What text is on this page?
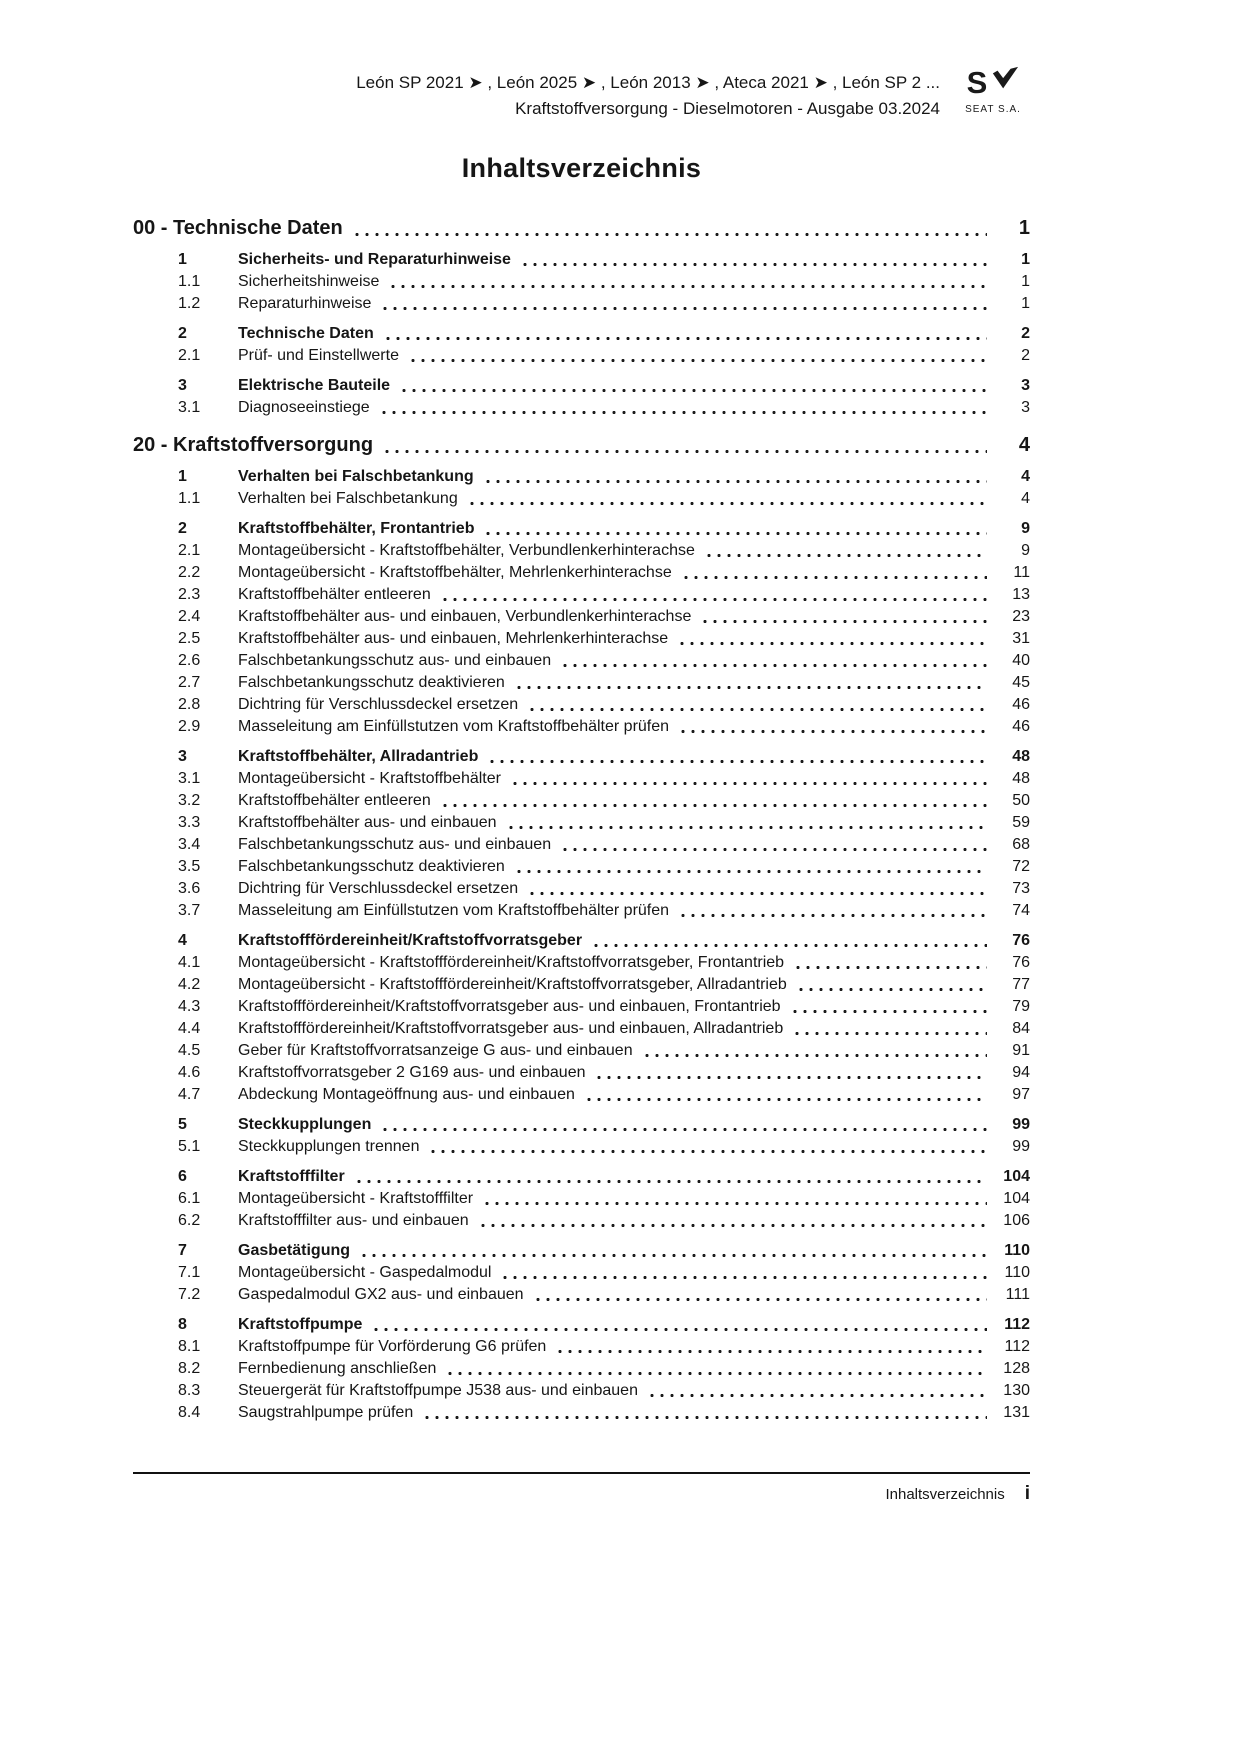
León SP 2021 ➤ , León 2025 ➤ , León 2013 ➤ , Ateca 2021 ➤ , León SP 2 ...
Kraftstoffversorgung - Dieselmotoren - Ausgabe 03.2024
S
SEAT S.A.
Inhaltsverzeichnis
00 - Technische Daten	1
1	Sicherheits- und Reparaturhinweise	1
1.1	Sicherheitshinweise	1
1.2	Reparaturhinweise	1
2	Technische Daten	2
2.1	Prüf- und Einstellwerte	2
3	Elektrische Bauteile	3
3.1	Diagnoseeinstiege	3
20 - Kraftstoffversorgung	4
1	Verhalten bei Falschbetankung	4
1.1	Verhalten bei Falschbetankung	4
2	Kraftstoffbehälter, Frontantrieb	9
2.1	Montageübersicht - Kraftstoffbehälter, Verbundlenkerhinterachse	9
2.2	Montageübersicht - Kraftstoffbehälter, Mehrlenkerhinterachse	11
2.3	Kraftstoffbehälter entleeren	13
2.4	Kraftstoffbehälter aus- und einbauen, Verbundlenkerhinterachse	23
2.5	Kraftstoffbehälter aus- und einbauen, Mehrlenkerhinterachse	31
2.6	Falschbetankungsschutz aus- und einbauen	40
2.7	Falschbetankungsschutz deaktivieren	45
2.8	Dichtring für Verschlussdeckel ersetzen	46
2.9	Masseleitung am Einfüllstutzen vom Kraftstoffbehälter prüfen	46
3	Kraftstoffbehälter, Allradantrieb	48
3.1	Montageübersicht - Kraftstoffbehälter	48
3.2	Kraftstoffbehälter entleeren	50
3.3	Kraftstoffbehälter aus- und einbauen	59
3.4	Falschbetankungsschutz aus- und einbauen	68
3.5	Falschbetankungsschutz deaktivieren	72
3.6	Dichtring für Verschlussdeckel ersetzen	73
3.7	Masseleitung am Einfüllstutzen vom Kraftstoffbehälter prüfen	74
4	Kraftstofffördereinheit/Kraftstoffvorratsgeber	76
4.1	Montageübersicht - Kraftstofffördereinheit/Kraftstoffvorratsgeber, Frontantrieb	76
4.2	Montageübersicht - Kraftstofffördereinheit/Kraftstoffvorratsgeber, Allradantrieb	77
4.3	Kraftstofffördereinheit/Kraftstoffvorratsgeber aus- und einbauen, Frontantrieb	79
4.4	Kraftstofffördereinheit/Kraftstoffvorratsgeber aus- und einbauen, Allradantrieb	84
4.5	Geber für Kraftstoffvorratsanzeige G aus- und einbauen	91
4.6	Kraftstoffvorratsgeber 2 G169 aus- und einbauen	94
4.7	Abdeckung Montageöffnung aus- und einbauen	97
5	Steckkupplungen	99
5.1	Steckkupplungen trennen	99
6	Kraftstofffilter	104
6.1	Montageübersicht - Kraftstofffilter	104
6.2	Kraftstofffilter aus- und einbauen	106
7	Gasbetätigung	110
7.1	Montageübersicht - Gaspedalmodul	110
7.2	Gaspedalmodul GX2 aus- und einbauen	111
8	Kraftstoffpumpe	112
8.1	Kraftstoffpumpe für Vorförderung G6 prüfen	112
8.2	Fernbedienung anschließen	128
8.3	Steuergerät für Kraftstoffpumpe J538 aus- und einbauen	130
8.4	Saugstrahlpumpe prüfen	131
Inhaltsverzeichnis i
